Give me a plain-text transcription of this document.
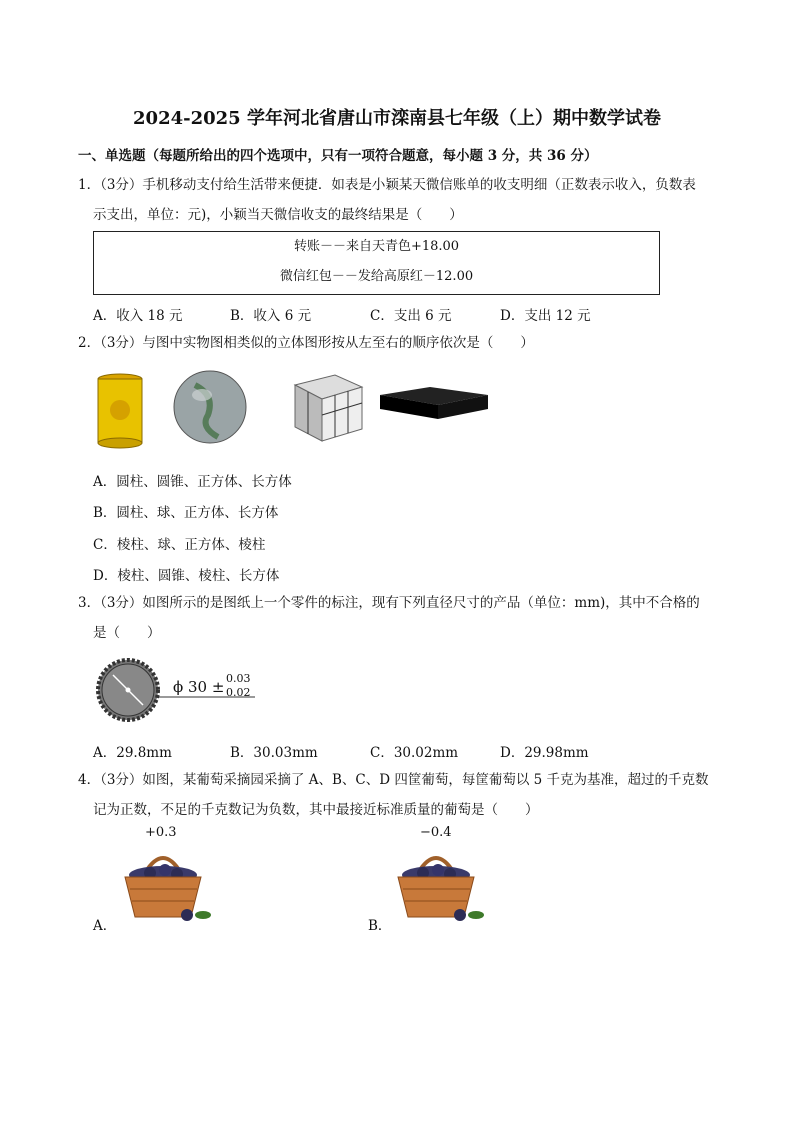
2024-2025 学年河北省唐山市滦南县七年级（上）期中数学试卷
一、单选题（每题所给出的四个选项中，只有一项符合题意，每小题 3 分，共 36 分）
1．（3分）手机移动支付给生活带来便捷．如表是小颖某天微信账单的收支明细（正数表示收入，负数表
示支出，单位：元)，小颖当天微信收支的最终结果是（　　）
转账－－来自天青色+18.00
微信红包－－发给高原红－12.00
A．收入 18 元	B．收入 6 元	C．支出 6 元	D．支出 12 元
2．（3分）与图中实物图相类似的立体图形按从左至右的顺序依次是（　　）
A．圆柱、圆锥、正方体、长方体
B．圆柱、球、正方体、长方体
C．棱柱、球、正方体、棱柱
D．棱柱、圆锥、棱柱、长方体
3．（3分）如图所示的是图纸上一个零件的标注，现有下列直径尺寸的产品（单位：mm)，其中不合格的
是（　　）
ϕ 30 ± 0.03
0.02
A．29.8mm	B．30.03mm	C．30.02mm	D．29.98mm
4．（3分）如图，某葡萄采摘园采摘了 A、B、C、D 四筐葡萄，每筐葡萄以 5 千克为基准，超过的千克数
记为正数，不足的千克数记为负数，其中最接近标准质量的葡萄是（　　）
+0.3
A．
−0.4
B．
